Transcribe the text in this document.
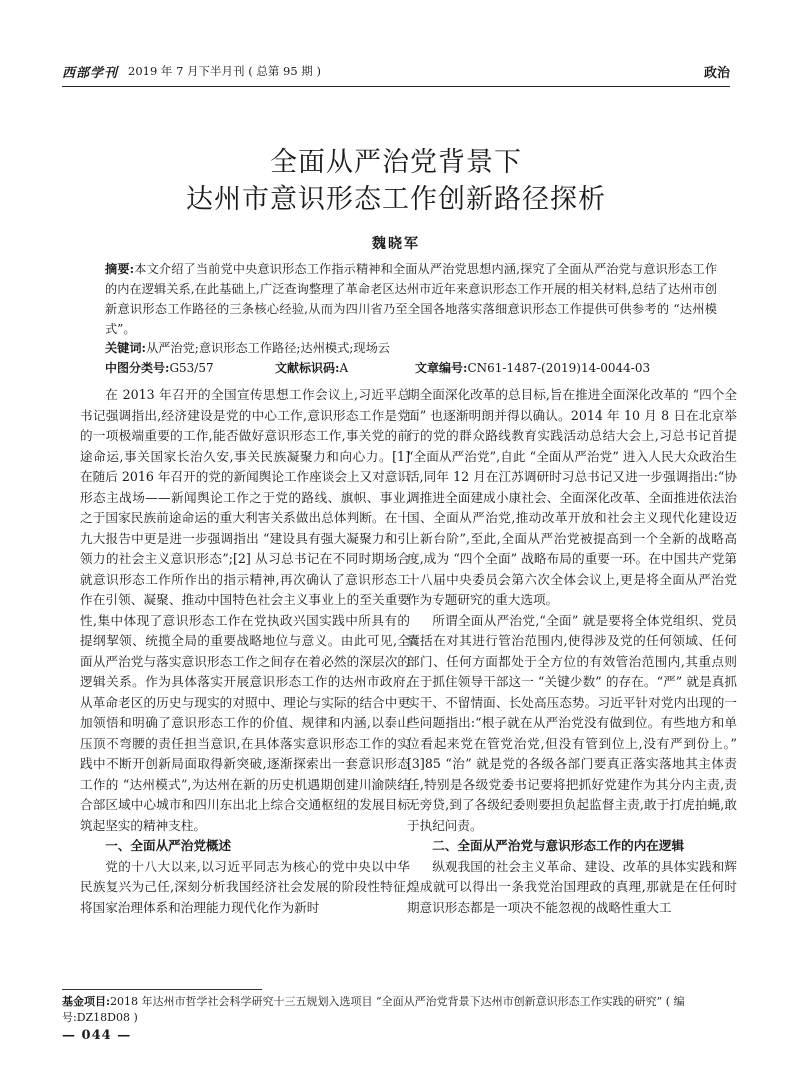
西部学刊 2019 年 7 月下半月刊 ( 总第 95 期 )	政治
全面从严治党背景下
达州市意识形态工作创新路径探析
魏晓军

摘要:本文介绍了当前党中央意识形态工作指示精神和全面从严治党思想内涵,探究了全面从严治党与意识形态工作的内在逻辑关系,在此基础上,广泛查询整理了革命老区达州市近年来意识形态工作开展的相关材料,总结了达州市创新意识形态工作路径的三条核心经验,从而为四川省乃至全国各地落实落细意识形态工作提供可供参考的 “达州模式”。

关键词:从严治党;意识形态工作路径;达州模式;现场云

中图分类号:G53/57	文献标识码:A	文章编号:CN61-1487-(2019)14-0044-03

在 2013 年召开的全国宣传思想工作会议上,习近平总书记强调指出,经济建设是党的中心工作,意识形态工作是党的一项极端重要的工作,能否做好意识形态工作,事关党的前途命运,事关国家长治久安,事关民族凝聚力和向心力。[1] 在随后 2016 年召开的党的新闻舆论工作座谈会上又对意识形态主战场——新闻舆论工作之于党的路线、旗帜、事业,之于国家民族前途命运的重大利害关系做出总体判断。在十九大报告中更是进一步强调指出 “建设具有强大凝聚力和引领力的社会主义意识形态”;[2] 从习总书记在不同时期场合就意识形态工作所作出的指示精神,再次确认了意识形态工作在引领、凝聚、推动中国特色社会主义事业上的至关重要性,集中体现了意识形态工作在党执政兴国实践中所具有的提纲挈领、统揽全局的重要战略地位与意义。由此可见,全面从严治党与落实意识形态工作之间存在着必然的深层次的逻辑关系。作为具体落实开展意识形态工作的达州市政府,从革命老区的历史与现实的对照中、理论与实际的结合中更加领悟和明确了意识形态工作的价值、规律和内涵,以泰山压顶不弯腰的责任担当意识,在具体落实意识形态工作的实践中不断开创新局面取得新突破,逐渐探索出一套意识形态工作的 “达州模式”,为达州在新的历史机遇期创建川渝陕结合部区域中心城市和四川东出北上综合交通枢纽的发展目标筑起坚实的精神支柱。

一、全面从严治党概述

党的十八大以来,以习近平同志为核心的党中央以中华民族复兴为己任,深刻分析我国经济社会发展的阶段性特征,将国家治理体系和治理能力现代化作为新时

期全面深化改革的总目标,旨在推进全面深化改革的 “四个全面” 也逐渐明朗并得以确认。2014 年 10 月 8 日在北京举行的党的群众路线教育实践活动总结大会上,习总书记首提 “全面从严治党”,自此 “全面从严治党” 进入人民大众政治生活,同年 12 月在江苏调研时习总书记又进一步强调指出:“协调推进全面建成小康社会、全面深化改革、全面推进依法治国、全面从严治党,推动改革开放和社会主义现代化建设迈上新台阶”,至此,全面从严治党被提高到一个全新的战略高度,成为 “四个全面” 战略布局的重要一环。在中国共产党第十八届中央委员会第六次全体会议上,更是将全面从严治党作为专题研究的重大选项。

所谓全面从严治党,“全面” 就是要将全体党组织、党员囊括在对其进行管治范围内,使得涉及党的任何领域、任何部门、任何方面都处于全方位的有效管治范围内,其重点则在于抓住领导干部这一 “关键少数” 的存在。“严” 就是真抓实干、不留情面、长处高压态势。习近平针对党内出现的一些问题指出:“根子就在从严治党没有做到位。有些地方和单位看起来党在管党治党,但没有管到位上,没有严到份上。” [3]85 “治” 就是党的各级各部门要真正落实落地其主体责任,特别是各级党委书记要将把抓好党建作为其分内主责,责无旁贷,到了各级纪委则要担负起监督主责,敢于打虎拍蝇,敢于执纪问责。

二、全面从严治党与意识形态工作的内在逻辑

纵观我国的社会主义革命、建设、改革的具体实践和辉煌成就可以得出一条我党治国理政的真理,那就是在任何时期意识形态都是一项决不能忽视的战略性重大工

基金项目:2018 年达州市哲学社会科学研究十三五规划入选项目 “全面从严治党背景下达州市创新意识形态工作实践的研究” ( 编号:DZ18D08 )

— 044 —
